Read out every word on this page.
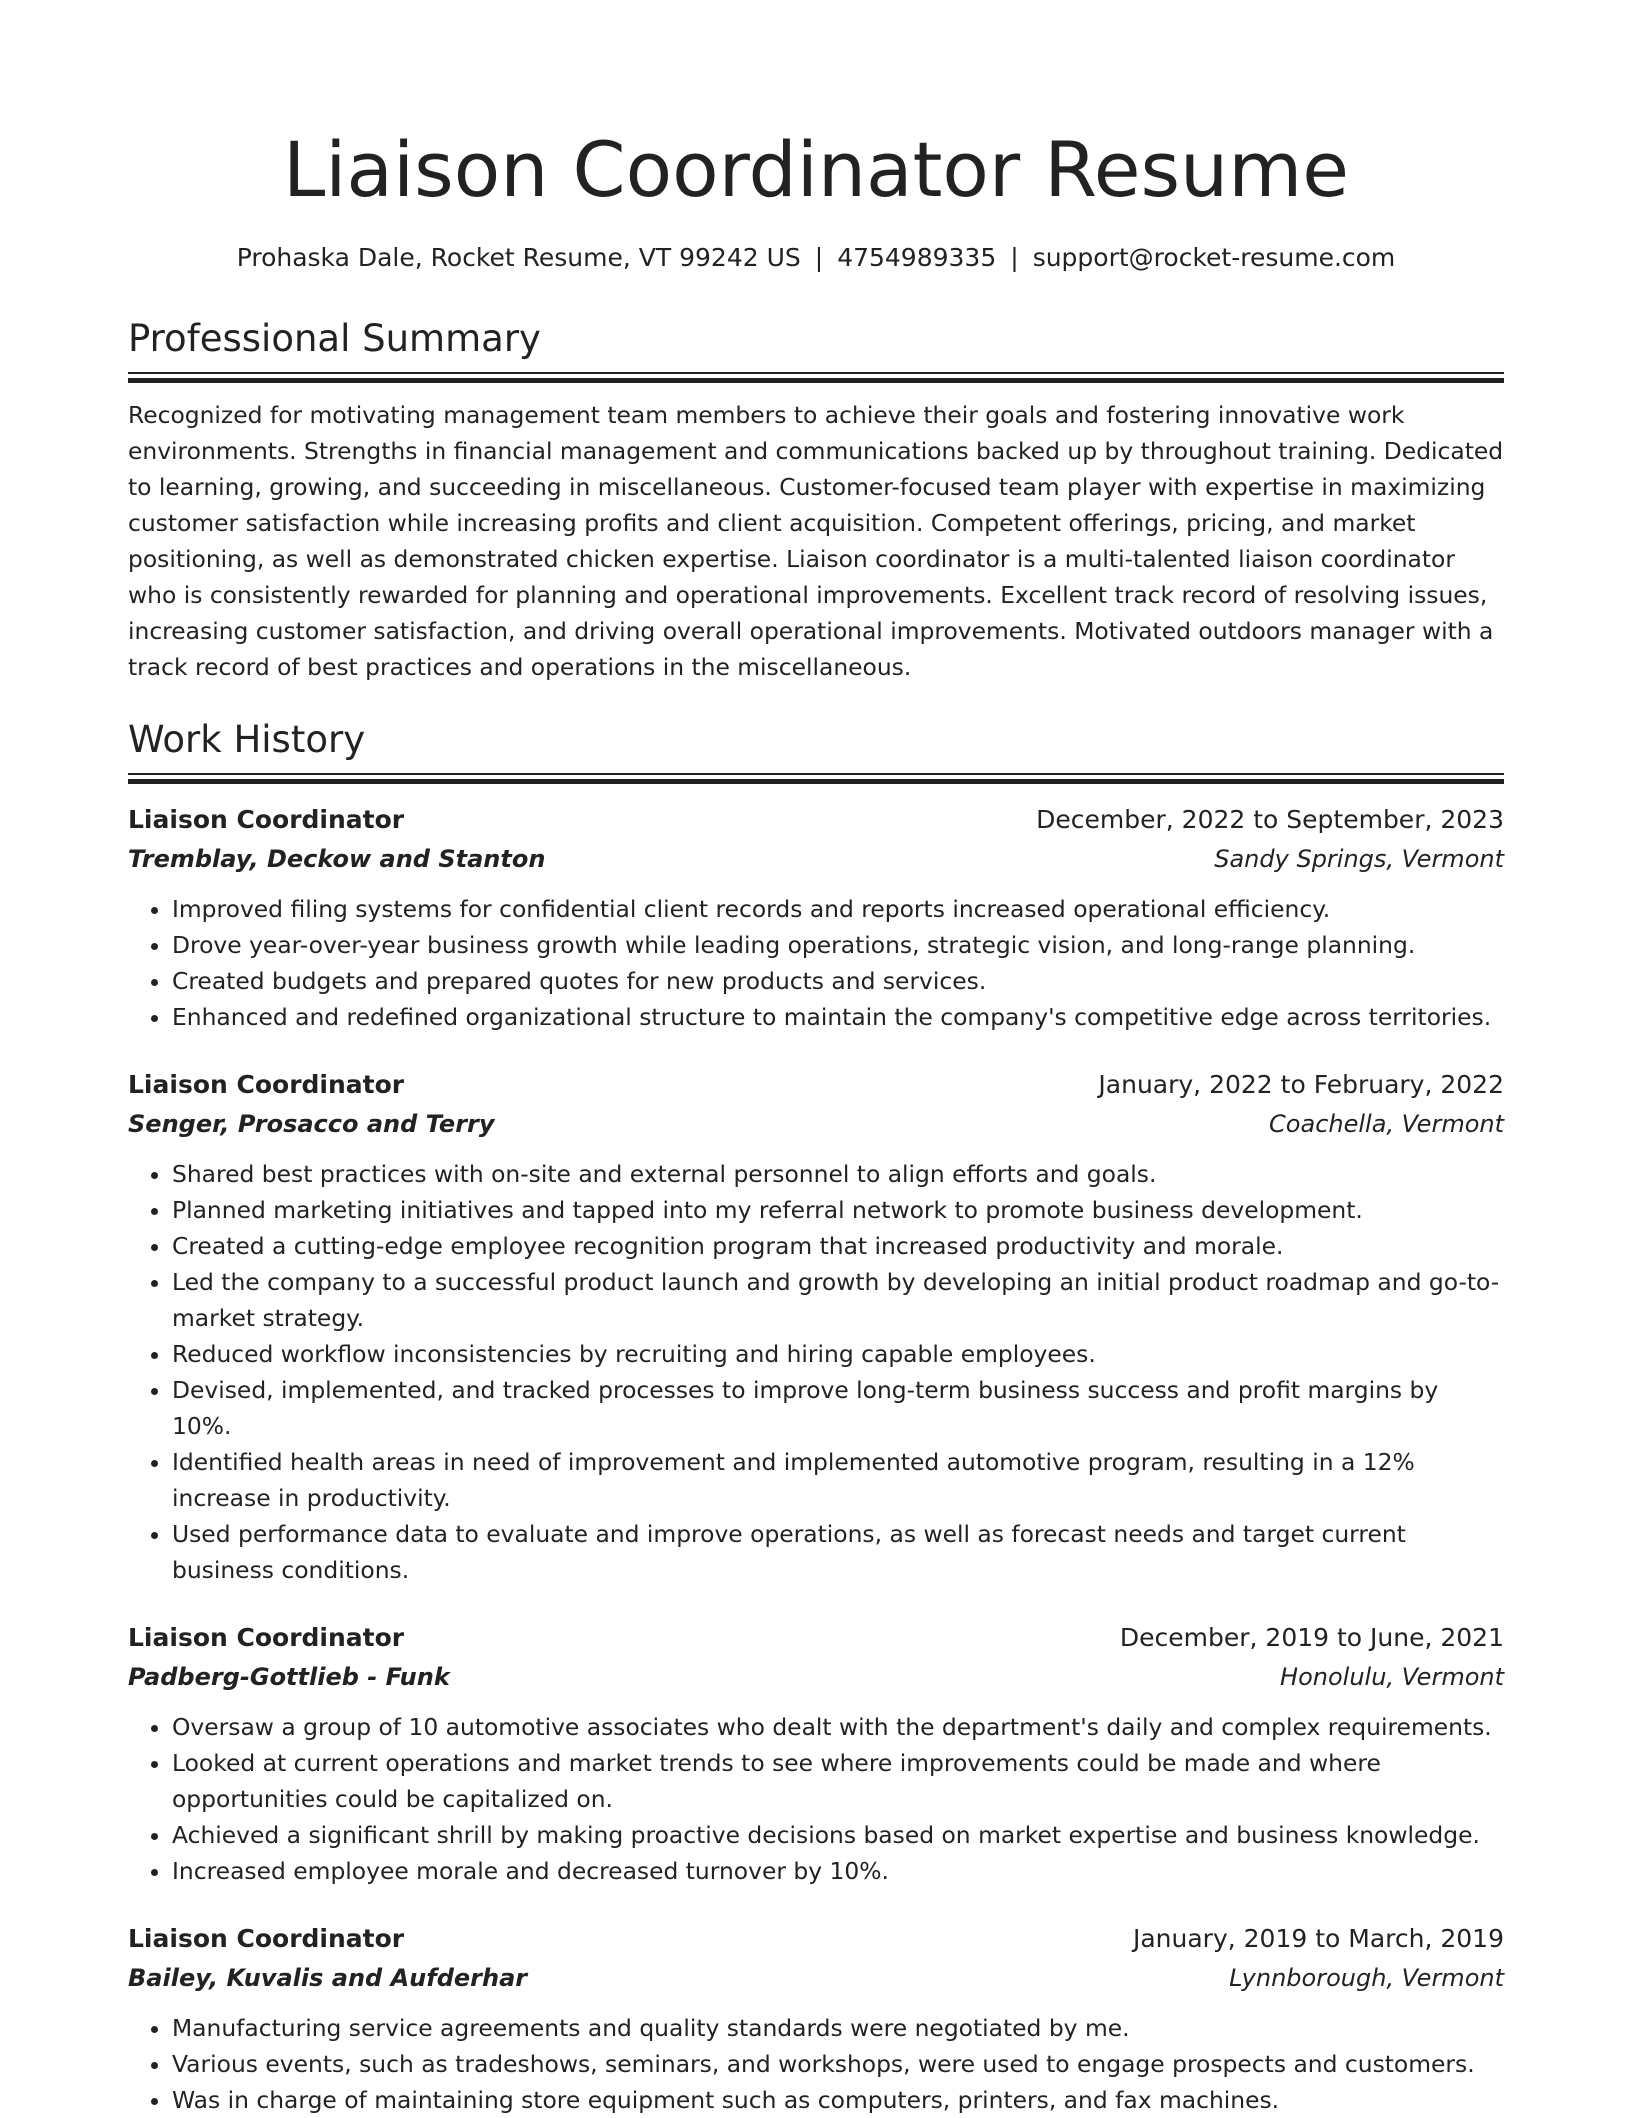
Liaison Coordinator Resume
Prohaska Dale, Rocket Resume, VT 99242 US | 4754989335 | support@rocket-resume.com
Professional Summary

Recognized for motivating management team members to achieve their goals and fostering innovative work environments. Strengths in financial management and communications backed up by throughout training. Dedicated to learning, growing, and succeeding in miscellaneous. Customer-focused team player with expertise in maximizing customer satisfaction while increasing profits and client acquisition. Competent offerings, pricing, and market positioning, as well as demonstrated chicken expertise. Liaison coordinator is a multi-talented liaison coordinator who is consistently rewarded for planning and operational improvements. Excellent track record of resolving issues, increasing customer satisfaction, and driving overall operational improvements. Motivated outdoors manager with a track record of best practices and operations in the miscellaneous.

Work History
Liaison Coordinator	December, 2022 to September, 2023
Tremblay, Deckow and Stanton	Sandy Springs, Vermont
• Improved filing systems for confidential client records and reports increased operational efficiency.
• Drove year-over-year business growth while leading operations, strategic vision, and long-range planning.
• Created budgets and prepared quotes for new products and services.
• Enhanced and redefined organizational structure to maintain the company's competitive edge across territories.
Liaison Coordinator	January, 2022 to February, 2022
Senger, Prosacco and Terry	Coachella, Vermont
• Shared best practices with on-site and external personnel to align efforts and goals.
• Planned marketing initiatives and tapped into my referral network to promote business development.
• Created a cutting-edge employee recognition program that increased productivity and morale.
• Led the company to a successful product launch and growth by developing an initial product roadmap and go-to-market strategy.
• Reduced workflow inconsistencies by recruiting and hiring capable employees.
• Devised, implemented, and tracked processes to improve long-term business success and profit margins by 10%.
• Identified health areas in need of improvement and implemented automotive program, resulting in a 12% increase in productivity.
• Used performance data to evaluate and improve operations, as well as forecast needs and target current business conditions.
Liaison Coordinator	December, 2019 to June, 2021
Padberg-Gottlieb - Funk	Honolulu, Vermont
• Oversaw a group of 10 automotive associates who dealt with the department's daily and complex requirements.
• Looked at current operations and market trends to see where improvements could be made and where opportunities could be capitalized on.
• Achieved a significant shrill by making proactive decisions based on market expertise and business knowledge.
• Increased employee morale and decreased turnover by 10%.
Liaison Coordinator	January, 2019 to March, 2019
Bailey, Kuvalis and Aufderhar	Lynnborough, Vermont
• Manufacturing service agreements and quality standards were negotiated by me.
• Various events, such as tradeshows, seminars, and workshops, were used to engage prospects and customers.
• Was in charge of maintaining store equipment such as computers, printers, and fax machines.
